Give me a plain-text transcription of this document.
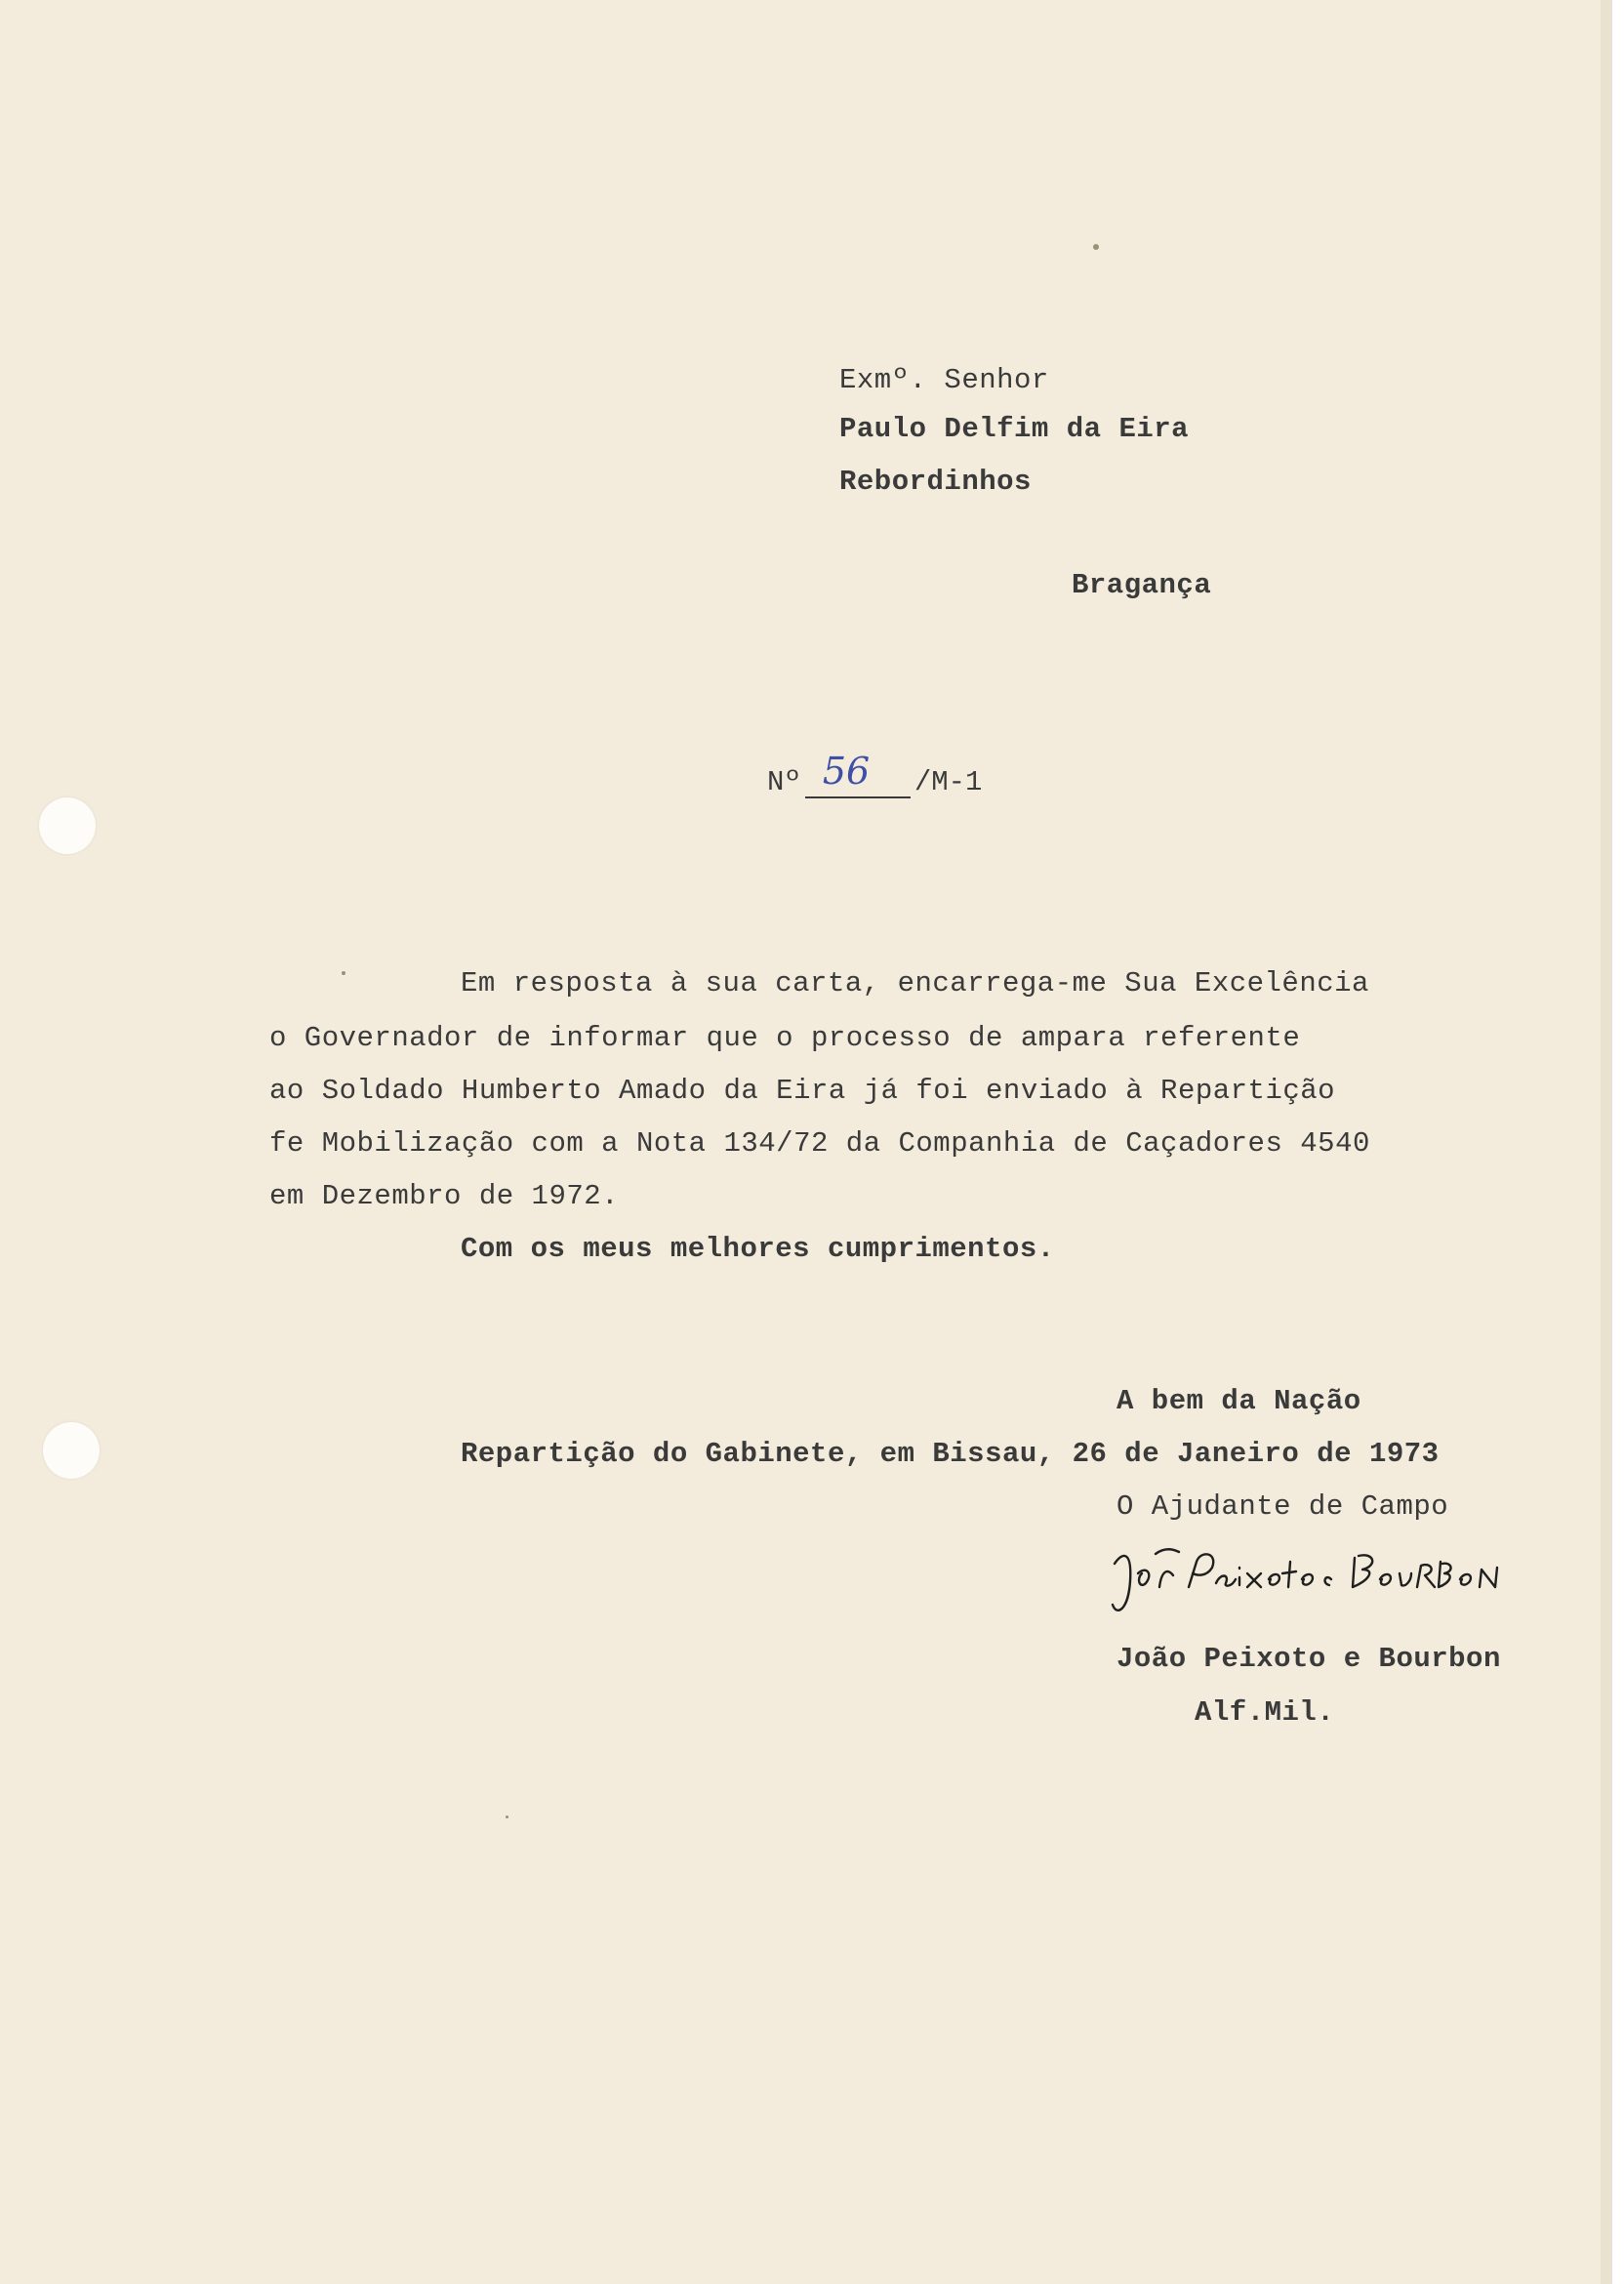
Exmº. Senhor
Paulo Delfim da Eira
Rebordinhos
Bragança
Nº 56 /M-1
Em resposta à sua carta, encarrega-me Sua Excelência
o Governador de informar que o processo de ampara referente
ao Soldado Humberto Amado da Eira já foi enviado à Repartição
fe Mobilização com a Nota 134/72 da Companhia de Caçadores 4540
em Dezembro de 1972.
Com os meus melhores cumprimentos.
A bem da Nação
Repartição do Gabinete, em Bissau, 26 de Janeiro de 1973
O Ajudante de Campo
João Peixoto e Bourbon
Alf.Mil.
